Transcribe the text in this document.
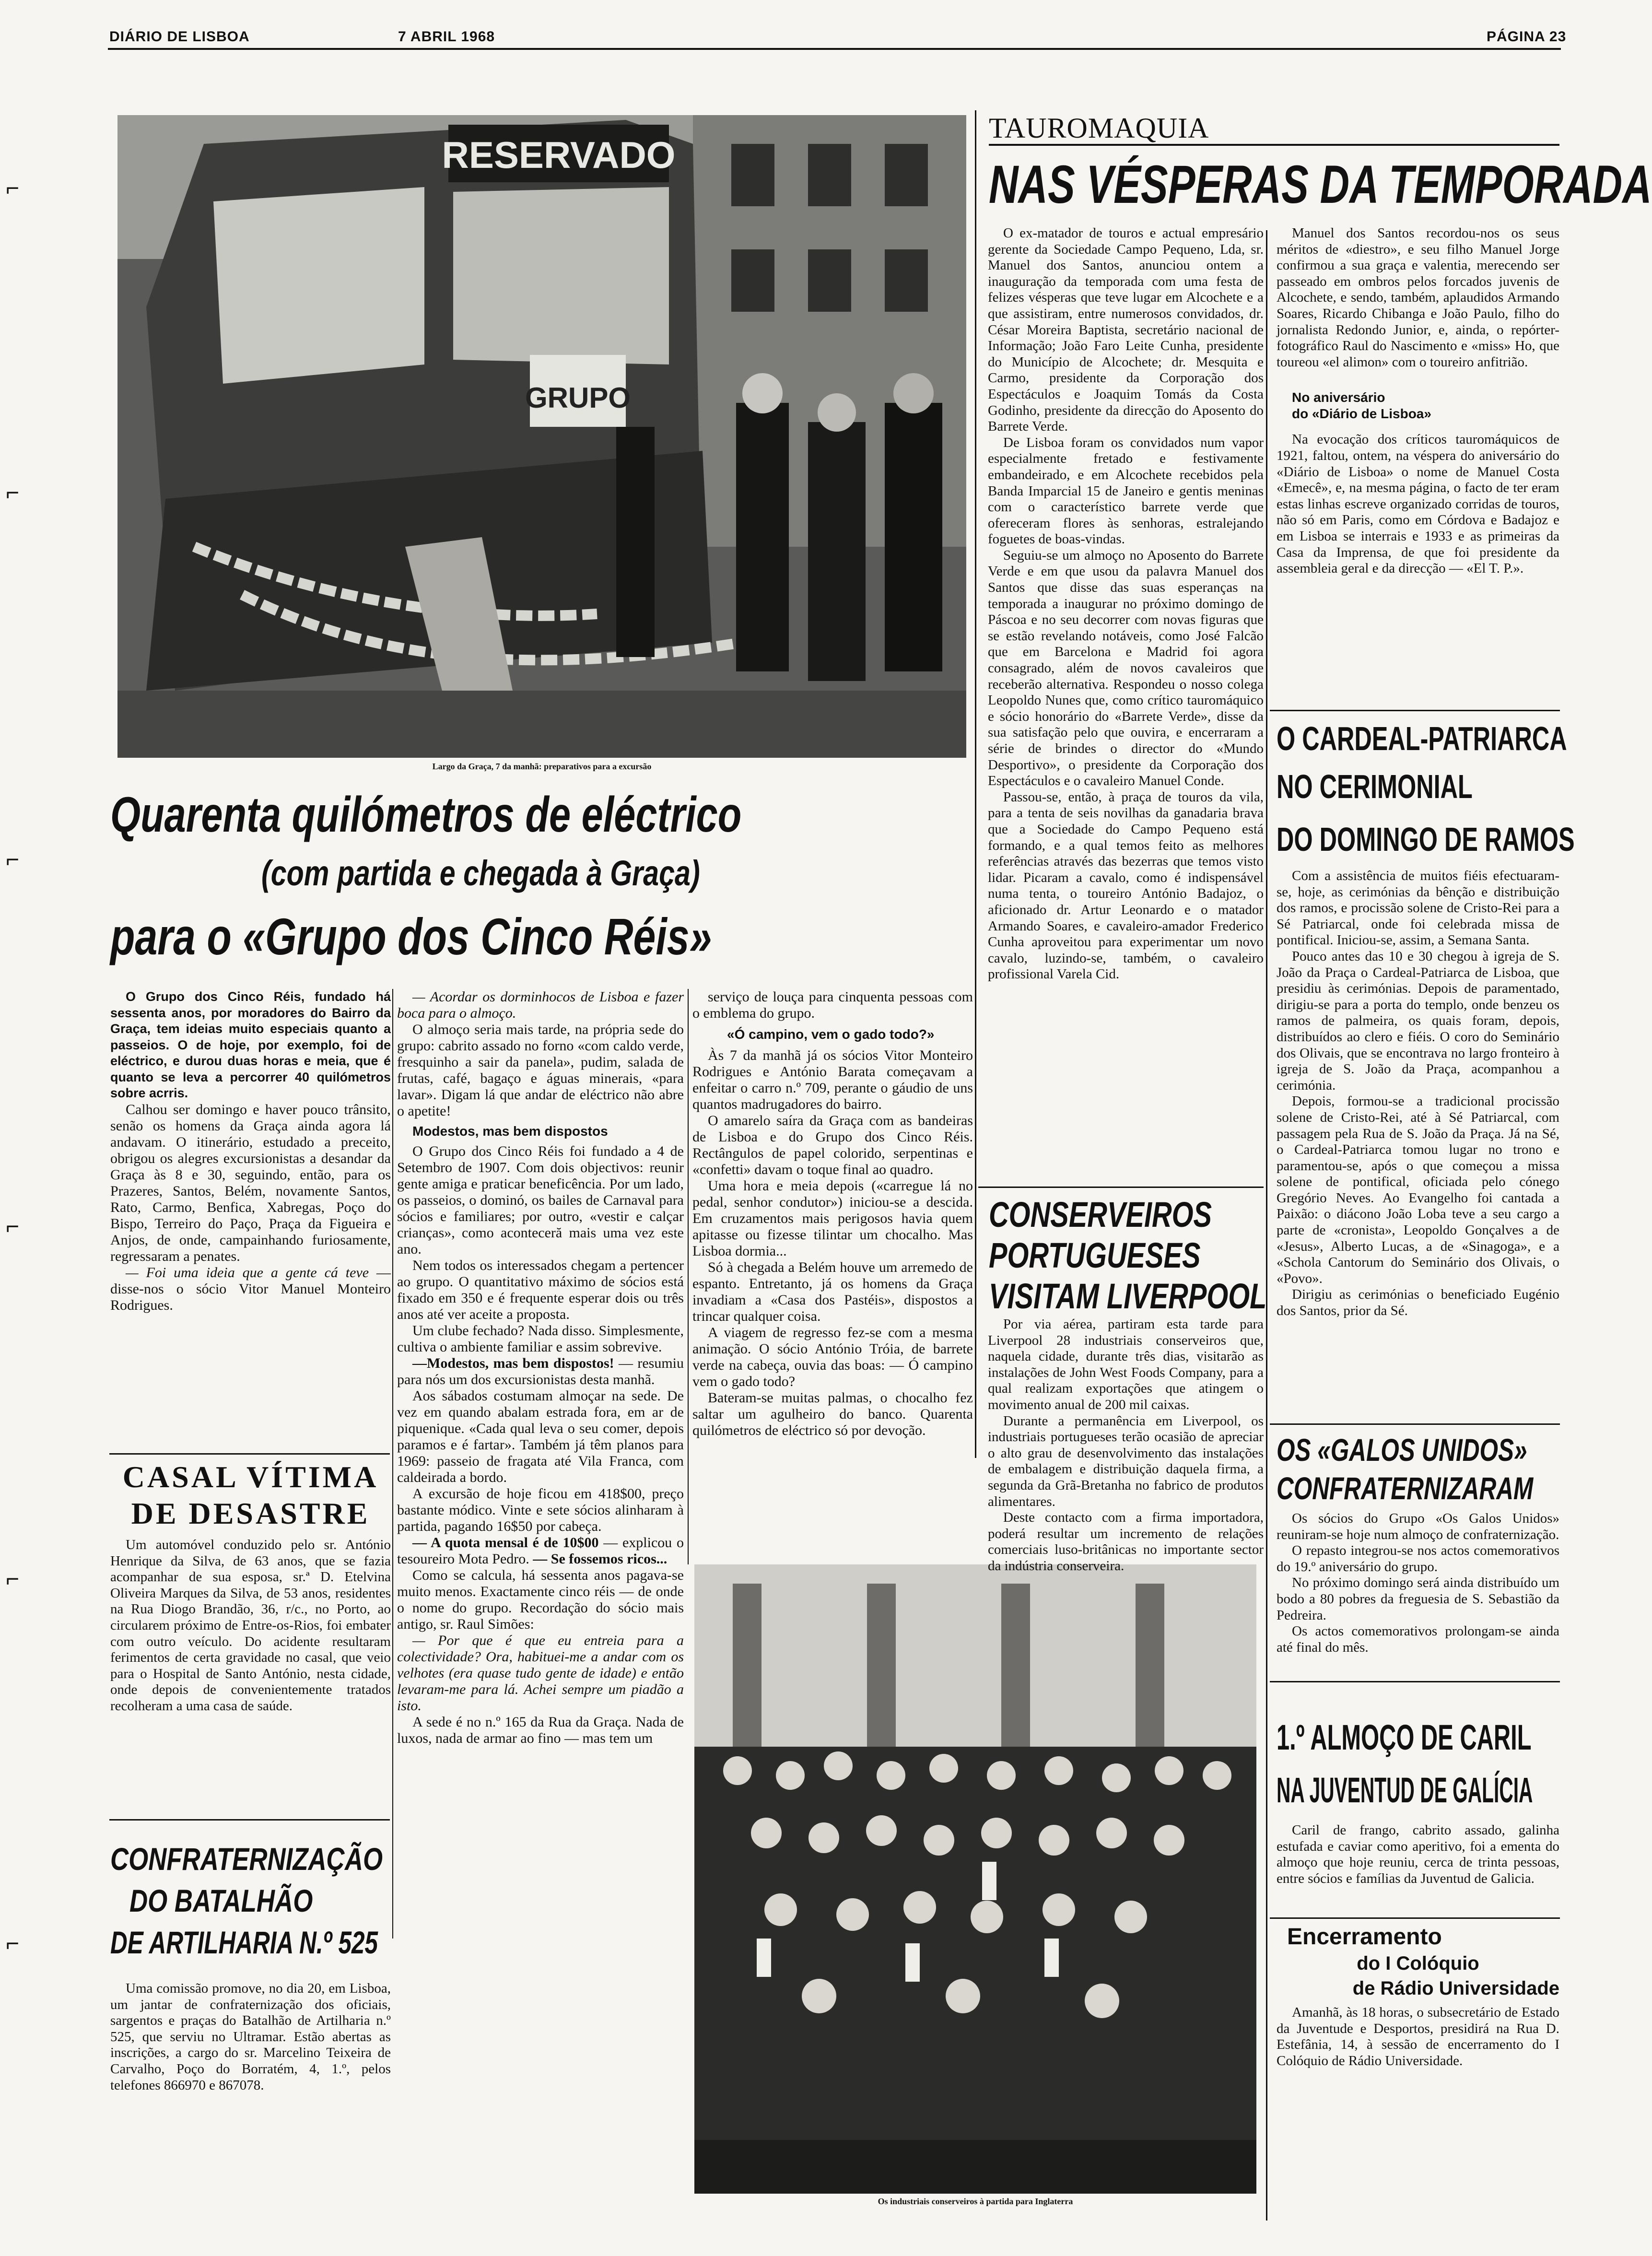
DIÁRIO DE LISBOA	7 ABRIL 1968	PÁGINA 23
⌐
⌐
⌐
⌐
⌐
⌐
RESERVADO
GRUPO
Largo da Graça, 7 da manhã: preparativos para a excursão
Quarenta quilómetros de eléctrico
(com partida e chegada à Graça)
para o «Grupo dos Cinco Réis»

O Grupo dos Cinco Réis, fundado há sessenta anos, por moradores do Bairro da Graça, tem ideias muito especiais quanto a passeios. O de hoje, por exemplo, foi de eléctrico, e durou duas horas e meia, que é quanto se leva a percorrer 40 quilómetros sobre acrris.

Calhou ser domingo e haver pouco trânsito, senão os homens da Graça ainda agora lá andavam. O itinerário, estudado a preceito, obrigou os alegres excursionistas a desandar da Graça às 8 e 30, seguindo, então, para os Prazeres, Santos, Belém, novamente Santos, Rato, Carmo, Benfica, Xabregas, Poço do Bispo, Terreiro do Paço, Praça da Figueira e Anjos, de onde, campainhando furiosamente, regressaram a penates.

— Foi uma ideia que a gente cá teve — disse-nos o sócio Vitor Manuel Monteiro Rodrigues.

— Acordar os dorminhocos de Lisboa e fazer boca para o almoço.

O almoço seria mais tarde, na própria sede do grupo: cabrito assado no forno «com caldo verde, fresquinho a sair da panela», pudim, salada de frutas, café, bagaço e águas minerais, «para lavar». Digam lá que andar de eléctrico não abre o apetite!

Modestos, mas bem dispostos

O Grupo dos Cinco Réis foi fundado a 4 de Setembro de 1907. Com dois objectivos: reunir gente amiga e praticar beneficência. Por um lado, os passeios, o dominó, os bailes de Carnaval para sócios e familiares; por outro, «vestir e calçar crianças», como aconteceră mais uma vez este ano.

Nem todos os interessados chegam a pertencer ao grupo. O quantitativo máximo de sócios está fixado em 350 e é frequente esperar dois ou três anos até ver aceite a proposta.

Um clube fechado? Nada disso. Simplesmente, cultiva o ambiente familiar e assim sobrevive.

—Modestos, mas bem dispostos! — resumiu para nós um dos excursionistas desta manhã.

Aos sábados costumam almoçar na sede. De vez em quando abalam estrada fora, em ar de piquenique. «Cada qual leva o seu comer, depois paramos e é fartar». Também já têm planos para 1969: passeio de fragata até Vila Franca, com caldeirada a bordo.

A excursão de hoje ficou em 418$00, preço bastante módico. Vinte e sete sócios alinharam à partida, pagando 16$50 por cabeça.

— A quota mensal é de 10$00 — explicou o tesoureiro Mota Pedro. — Se fossemos ricos...

Como se calcula, há sessenta anos pagava-se muito menos. Exactamente cinco réis — de onde o nome do grupo. Recordação do sócio mais antigo, sr. Raul Simões:

— Por que é que eu entreia para a colectividade? Ora, habituei-me a andar com os velhotes (era quase tudo gente de idade) e então levaram-me para lá. Achei sempre um piadão a isto.

A sede é no n.º 165 da Rua da Graça. Nada de luxos, nada de armar ao fino — mas tem um

serviço de louça para cinquenta pessoas com o emblema do grupo.

«Ó campino, vem o gado todo?»

Às 7 da manhã já os sócios Vitor Monteiro Rodrigues e António Barata começavam a enfeitar o carro n.º 709, perante o gáudio de uns quantos madrugadores do bairro.

O amarelo saíra da Graça com as bandeiras de Lisboa e do Grupo dos Cinco Réis. Rectângulos de papel colorido, serpentinas e «confetti» davam o toque final ao quadro.

Uma hora e meia depois («carregue lá no pedal, senhor condutor») iniciou-se a descida. Em cruzamentos mais perigosos havia quem apitasse ou fizesse tilintar um chocalho. Mas Lisboa dormia...

Só à chegada a Belém houve um arremedo de espanto. Entretanto, já os homens da Graça invadiam a «Casa dos Pastéis», dispostos a trincar qualquer coisa.

A viagem de regresso fez-se com a mesma animação. O sócio António Tróia, de barrete verde na cabeça, ouvia das boas: — Ó campino vem o gado todo?

Bateram-se muitas palmas, o chocalho fez saltar um agulheiro do banco. Quarenta quilómetros de eléctrico só por devoção.

CASAL VÍTIMA
DE DESASTRE

Um automóvel conduzido pelo sr. António Henrique da Silva, de 63 anos, que se fazia acompanhar de sua esposa, sr.ª D. Etelvina Oliveira Marques da Silva, de 53 anos, residentes na Rua Diogo Brandão, 36, r/c., no Porto, ao circularem próximo de Entre-os-Rios, foi embater com outro veículo. Do acidente resultaram ferimentos de certa gravidade no casal, que veio para o Hospital de Santo António, nesta cidade, onde depois de convenientemente tratados recolheram a uma casa de saúde.

CONFRATERNIZAÇÃO
DO BATALHÃO
DE ARTILHARIA N.º 525

Uma comissão promove, no dia 20, em Lisboa, um jantar de confraternização dos oficiais, sargentos e praças do Batalhão de Artilharia n.º 525, que serviu no Ultramar. Estão abertas as inscrições, a cargo do sr. Marcelino Teixeira de Carvalho, Poço do Borratém, 4, 1.º, pelos telefones 866970 e 867078.

Os industriais conserveiros à partida para Inglaterra
TAUROMAQUIA
NAS VÉSPERAS DA TEMPORADA

O ex-matador de touros e actual empresário gerente da Sociedade Campo Pequeno, Lda, sr. Manuel dos Santos, anunciou ontem a inauguração da temporada com uma festa de felizes vésperas que teve lugar em Alcochete e a que assistiram, entre numerosos convidados, dr. César Moreira Baptista, secretário nacional de Informação; João Faro Leite Cunha, presidente do Município de Alcochete; dr. Mesquita e Carmo, presidente da Corporação dos Espectáculos e Joaquim Tomás da Costa Godinho, presidente da direcção do Aposento do Barrete Verde.

De Lisboa foram os convidados num vapor especialmente fretado e festivamente embandeirado, e em Alcochete recebidos pela Banda Imparcial 15 de Janeiro e gentis meninas com o característico barrete verde que ofereceram flores às senhoras, estralejando foguetes de boas-vindas.

Seguiu-se um almoço no Aposento do Barrete Verde e em que usou da palavra Manuel dos Santos que disse das suas esperanças na temporada a inaugurar no próximo domingo de Páscoa e no seu decorrer com novas figuras que se estão revelando notáveis, como José Falcão que em Barcelona e Madrid foi agora consagrado, além de novos cavaleiros que receberão alternativa. Respondeu o nosso colega Leopoldo Nunes que, como crítico tauromáquico e sócio honorário do «Barrete Verde», disse da sua satisfação pelo que ouvira, e encerraram a série de brindes o director do «Mundo Desportivo», o presidente da Corporação dos Espectáculos e o cavaleiro Manuel Conde.

Passou-se, então, à praça de touros da vila, para a tenta de seis novilhas da ganadaria brava que a Sociedade do Campo Pequeno está formando, e a qual temos feito as melhores referências através das bezerras que temos visto lidar. Picaram a cavalo, como é indispensável numa tenta, o toureiro António Badajoz, o aficionado dr. Artur Leonardo e o matador Armando Soares, e cavaleiro-amador Frederico Cunha aproveitou para experimentar um novo cavalo, luzindo-se, também, o cavaleiro profissional Varela Cid.

Manuel dos Santos recordou-nos os seus méritos de «diestro», e seu filho Manuel Jorge confirmou a sua graça e valentia, merecendo ser passeado em ombros pelos forcados juvenis de Alcochete, e sendo, também, aplaudidos Armando Soares, Ricardo Chibanga e João Paulo, filho do jornalista Redondo Junior, e, ainda, o repórter-fotográfico Raul do Nascimento e «miss» Ho, que toureou «el alimon» com o toureiro anfitrião.

No aniversário

do «Diário de Lisboa»

Na evocação dos críticos tauromáquicos de 1921, faltou, ontem, na véspera do aniversário do «Diário de Lisboa» o nome de Manuel Costa «Emecê», e, na mesma página, o facto de ter eram estas linhas escreve organizado corridas de touros, não só em Paris, como em Córdova e Badajoz e em Lisboa se interrais e 1933 e as primeiras da Casa da Imprensa, de que foi presidente da assembleia geral e da direcção — «El T. P.».

O CARDEAL-PATRIARCA
NO CERIMONIAL
DO DOMINGO DE RAMOS

Com a assistência de muitos fiéis efectuaram-se, hoje, as cerimónias da bênção e distribuição dos ramos, e procissão solene de Cristo-Rei para a Sé Patriarcal, onde foi celebrada missa de pontifical. Iniciou-se, assim, a Semana Santa.

Pouco antes das 10 e 30 chegou à igreja de S. João da Praça o Cardeal-Patriarca de Lisboa, que presidiu às cerimónias. Depois de paramentado, dirigiu-se para a porta do templo, onde benzeu os ramos de palmeira, os quais foram, depois, distribuídos ao clero e fiéis. O coro do Seminário dos Olivais, que se encontrava no largo fronteiro à igreja de S. João da Praça, acompanhou a cerimónia.

Depois, formou-se a tradicional procissão solene de Cristo-Rei, até à Sé Patriarcal, com passagem pela Rua de S. João da Praça. Já na Sé, o Cardeal-Patriarca tomou lugar no trono e paramentou-se, após o que começou a missa solene de pontifical, oficiada pelo cónego Gregório Neves. Ao Evangelho foi cantada a Paixão: o diácono João Loba teve a seu cargo a parte de «cronista», Leopoldo Gonçalves a de «Jesus», Alberto Lucas, a de «Sinagoga», e a «Schola Cantorum do Seminário dos Olivais, o «Povo».

Dirigiu as cerimónias o beneficiado Eugénio dos Santos, prior da Sé.

CONSERVEIROS
PORTUGUESES
VISITAM LIVERPOOL

Por via aérea, partiram esta tarde para Liverpool 28 industriais conserveiros que, naquela cidade, durante três dias, visitarão as instalações de John West Foods Company, para a qual realizam exportações que atingem o movimento anual de 200 mil caixas.

Durante a permanência em Liverpool, os industriais portugueses terão ocasião de apreciar o alto grau de desenvolvimento das instalações de embalagem e distribuição daquela firma, a segunda da Grã-Bretanha no fabrico de produtos alimentares.

Deste contacto com a firma importadora, poderá resultar um incremento de relações comerciais luso-britânicas no importante sector da indústria conserveira.

OS «GALOS UNIDOS»
CONFRATERNIZARAM

Os sócios do Grupo «Os Galos Unidos» reuniram-se hoje num almoço de confraternização.

O repasto integrou-se nos actos comemorativos do 19.º aniversário do grupo.

No próximo domingo será ainda distribuído um bodo a 80 pobres da freguesia de S. Sebastião da Pedreira.

Os actos comemorativos prolongam-se ainda até final do mês.

1.º ALMOÇO DE CARIL
NA JUVENTUD DE GALÍCIA

Caril de frango, cabrito assado, galinha estufada e caviar como aperitivo, foi a ementa do almoço que hoje reuniu, cerca de trinta pessoas, entre sócios e famílias da Juventud de Galicia.

Encerramento
do I Colóquio
de Rádio Universidade

Amanhã, às 18 horas, o subsecretário de Estado da Juventude e Desportos, presidirá na Rua D. Estefânia, 14, à sessão de encerramento do I Colóquio de Rádio Universidade.
